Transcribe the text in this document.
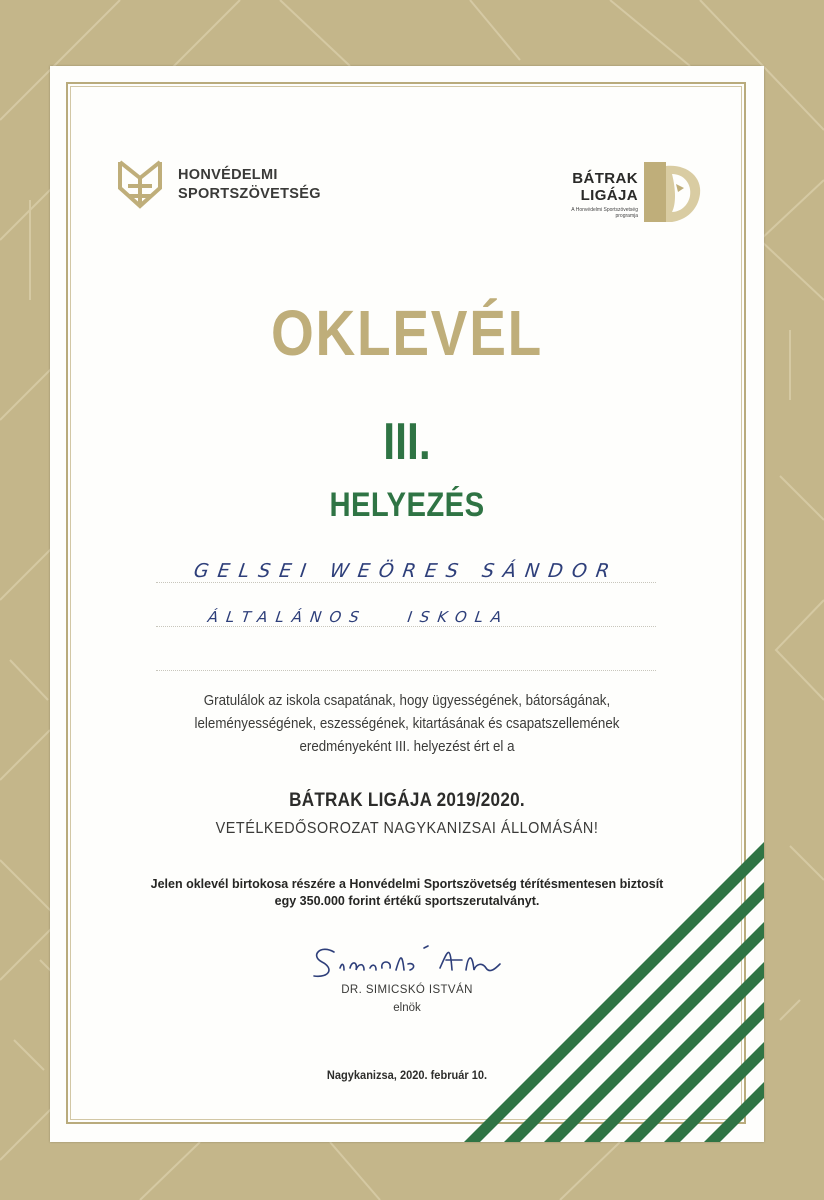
HONVÉDELMI
SPORTSZÖVETSÉG
BÁTRAK
LIGÁJA
A Honvédelmi Sportszövetség programja
OKLEVÉL
III.
HELYEZÉS
GELSEI WEÖRES SÁNDOR
ÁLTALÁNOS ISKOLA
Gratulálok az iskola csapatának, hogy ügyességének, bátorságának,
leleményességének, eszességének, kitartásának és csapatszellemének
eredményeként III. helyezést ért el a
BÁTRAK LIGÁJA 2019/2020.
VETÉLKEDŐSOROZAT NAGYKANIZSAI ÁLLOMÁSÁN!
Jelen oklevél birtokosa részére a Honvédelmi Sportszövetség térítésmentesen biztosít
egy 350.000 forint értékű sportszerutalványt.
DR. SIMICSKÓ ISTVÁN
elnök
Nagykanizsa, 2020. február 10.
